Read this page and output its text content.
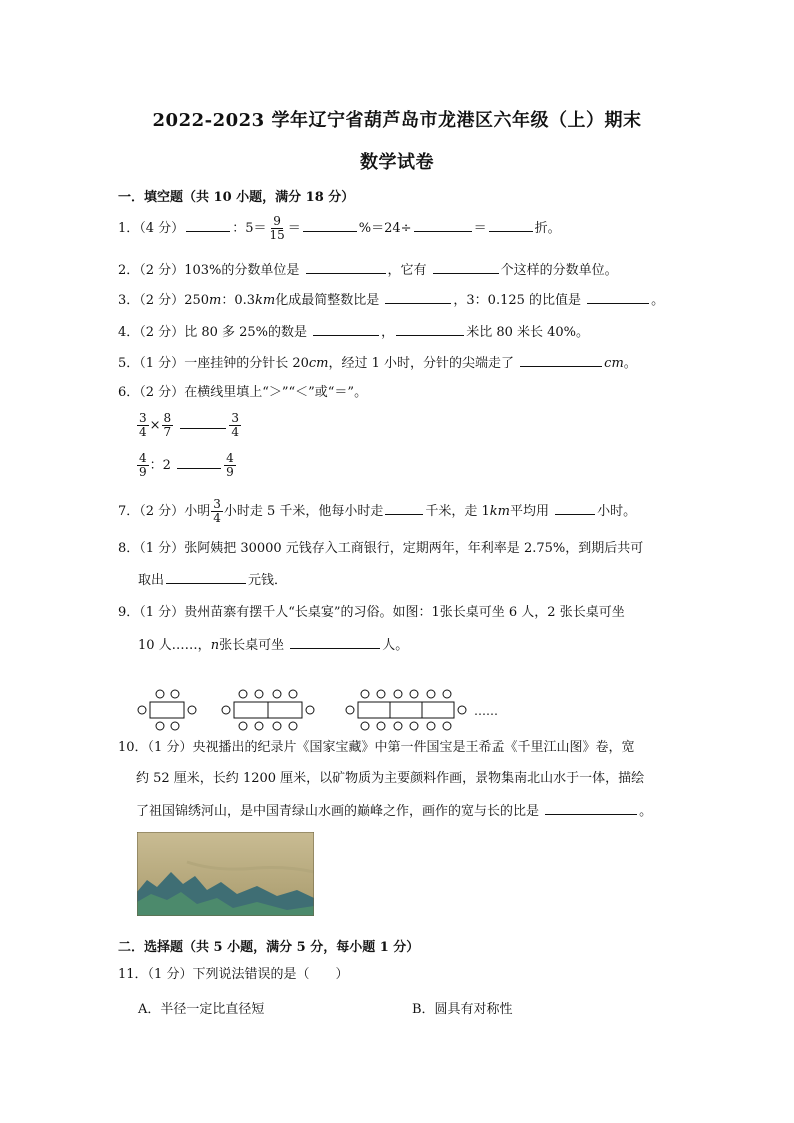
2022-2023 学年辽宁省葫芦岛市龙港区六年级（上）期末
数学试卷
一．填空题（共 10 小题，满分 18 分）
1．（4 分）	：$5= \frac{9}{15}$ ＝	%＝24÷	＝	折。
2．（2 分）103%的分数单位是	，它有	个这样的分数单位。
3．（2 分）250m：0.3km化成最简整数比是	，3：0.125 的比值是	。
4．（2 分）比 80 多 25%的数是	，	米比 80 米长 40%。
5．（1 分）一座挂钟的分针长 20cm，经过 1 小时，分针的尖端走了	cm。
6．（2 分）在横线里填上“＞”“＜”或“＝”。
$\frac{3}{4} \times \frac{8}{7}$
	$\frac{3}{4}$
$\frac{4}{9}$ ：2	$\frac{4}{9}$
7．（2 分）小明 $\frac{3}{4}$ 小时走 5 千米，他每小时走	千米，走 1km平均用	小时。
8．（1 分）张阿姨把 30000 元钱存入工商银行，定期两年，年利率是 2.75%，到期后共可
取出	元钱．
9．（1 分）贵州苗寨有摆千人“长桌宴”的习俗。如图：1张长桌可坐 6 人，2 张长桌可坐
10 人……，n张长桌可坐	人。
……
10．（1 分）央视播出的纪录片《国家宝藏》中第一件国宝是王希孟《千里江山图》卷，宽
约 52 厘米，长约 1200 厘米，以矿物质为主要颜料作画，景物集南北山水于一体，描绘
了祖国锦绣河山，是中国青绿山水画的巅峰之作，画作的宽与长的比是	。
二．选择题（共 5 小题，满分 5 分，每小题 1 分）
11．（1 分）下列说法错误的是（　　）
A．半径一定比直径短	B．圆具有对称性
